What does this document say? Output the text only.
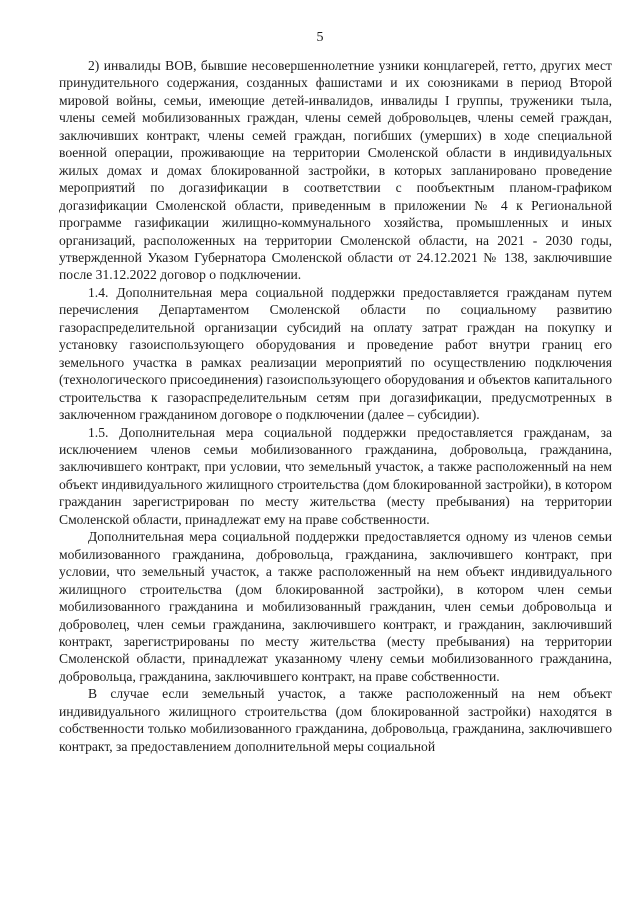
5

2) инвалиды ВОВ, бывшие несовершеннолетние узники концлагерей, гетто, других мест принудительного содержания, созданных фашистами и их союзниками в период Второй мировой войны, семьи, имеющие детей-инвалидов, инвалиды I группы, труженики тыла, члены семей мобилизованных граждан, члены семей добровольцев, члены семей граждан, заключивших контракт, члены семей граждан, погибших (умерших) в ходе специальной военной операции, проживающие на территории Смоленской области в индивидуальных жилых домах и домах блокированной застройки, в которых запланировано проведение мероприятий по догазификации в соответствии с пообъектным планом-графиком догазификации Смоленской области, приведенным в приложении № 4 к Региональной программе газификации жилищно-коммунального хозяйства, промышленных и иных организаций, расположенных на территории Смоленской области, на 2021 - 2030 годы, утвержденной Указом Губернатора Смоленской области от 24.12.2021 № 138, заключившие после 31.12.2022 договор о подключении.

1.4. Дополнительная мера социальной поддержки предоставляется гражданам путем перечисления Департаментом Смоленской области по социальному развитию газораспределительной организации субсидий на оплату затрат граждан на покупку и установку газоиспользующего оборудования и проведение работ внутри границ его земельного участка в рамках реализации мероприятий по осуществлению подключения (технологического присоединения) газоиспользующего оборудования и объектов капитального строительства к газораспределительным сетям при догазификации, предусмотренных в заключенном гражданином договоре о подключении (далее – субсидии).

1.5. Дополнительная мера социальной поддержки предоставляется гражданам, за исключением членов семьи мобилизованного гражданина, добровольца, гражданина, заключившего контракт, при условии, что земельный участок, а также расположенный на нем объект индивидуального жилищного строительства (дом блокированной застройки), в котором гражданин зарегистрирован по месту жительства (месту пребывания) на территории Смоленской области, принадлежат ему на праве собственности.

Дополнительная мера социальной поддержки предоставляется одному из членов семьи мобилизованного гражданина, добровольца, гражданина, заключившего контракт, при условии, что земельный участок, а также расположенный на нем объект индивидуального жилищного строительства (дом блокированной застройки), в котором член семьи мобилизованного гражданина и мобилизованный гражданин, член семьи добровольца и доброволец, член семьи гражданина, заключившего контракт, и гражданин, заключивший контракт, зарегистрированы по месту жительства (месту пребывания) на территории Смоленской области, принадлежат указанному члену семьи мобилизованного гражданина, добровольца, гражданина, заключившего контракт, на праве собственности.

В случае если земельный участок, а также расположенный на нем объект индивидуального жилищного строительства (дом блокированной застройки) находятся в собственности только мобилизованного гражданина, добровольца, гражданина, заключившего контракт, за предоставлением дополнительной меры социальной
